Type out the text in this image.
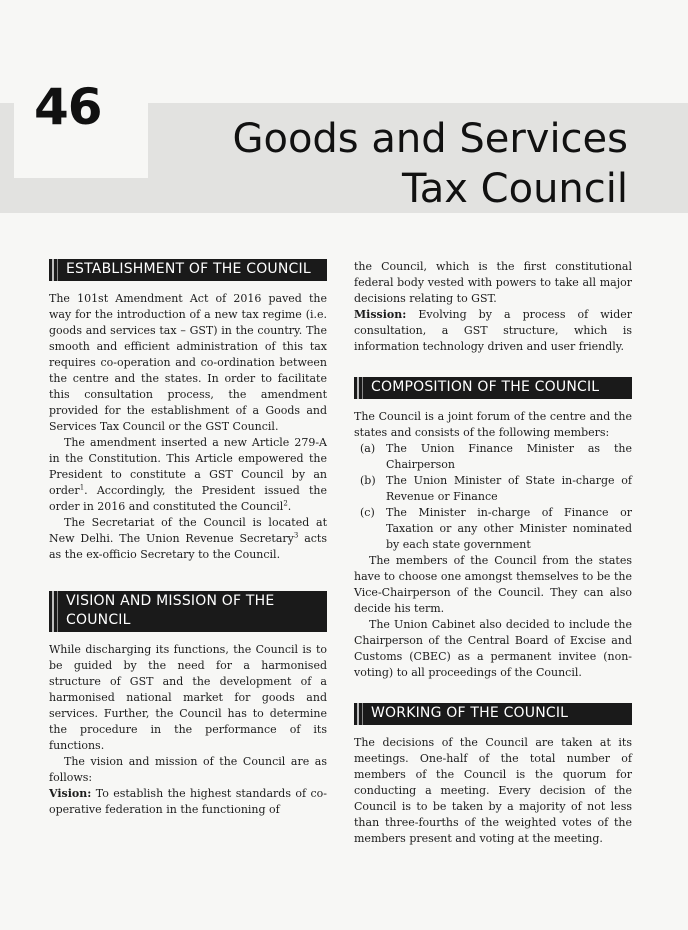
46
Goods and Services
Tax Council
ESTABLISHMENT OF THE COUNCIL

The 101st Amendment Act of 2016 paved the way for the introduction of a new tax regime (i.e. goods and services tax – GST) in the country. The smooth and efficient administration of this tax requires co-operation and co-ordination between the centre and the states. In order to facilitate this consultation process, the amendment provided for the establishment of a Goods and Services Tax Council or the GST Council.

The amendment inserted a new Article 279-A in the Constitution. This Article empowered the President to constitute a GST Council by an order$^1$. Accordingly, the President issued the order in 2016 and constituted the Council$^2$.

The Secretariat of the Council is located at New Delhi. The Union Revenue Secretary$^3$ acts as the ex-officio Secretary to the Council.

VISION AND MISSION OF THE COUNCIL

While discharging its functions, the Council is to be guided by the need for a harmonised structure of GST and the development of a harmonised national market for goods and services. Further, the Council has to determine the procedure in the performance of its functions.

The vision and mission of the Council are as follows:

Vision: To establish the highest standards of co-operative federation in the functioning of

the Council, which is the first constitutional federal body vested with powers to take all major decisions relating to GST.

Mission: Evolving by a process of wider consultation, a GST structure, which is information technology driven and user friendly.

COMPOSITION OF THE COUNCIL

The Council is a joint forum of the centre and the states and consists of the following members:

(a) The Union Finance Minister as the Chairperson
(b) The Union Minister of State in-charge of Revenue or Finance
(c) The Minister in-charge of Finance or Taxation or any other Minister nominated by each state government

The members of the Council from the states have to choose one amongst themselves to be the Vice-Chairperson of the Council. They can also decide his term.

The Union Cabinet also decided to include the Chairperson of the Central Board of Excise and Customs (CBEC) as a permanent invitee (non-voting) to all proceedings of the Council.

WORKING OF THE COUNCIL

The decisions of the Council are taken at its meetings. One-half of the total number of members of the Council is the quorum for conducting a meeting. Every decision of the Council is to be taken by a majority of not less than three-fourths of the weighted votes of the members present and voting at the meeting.
